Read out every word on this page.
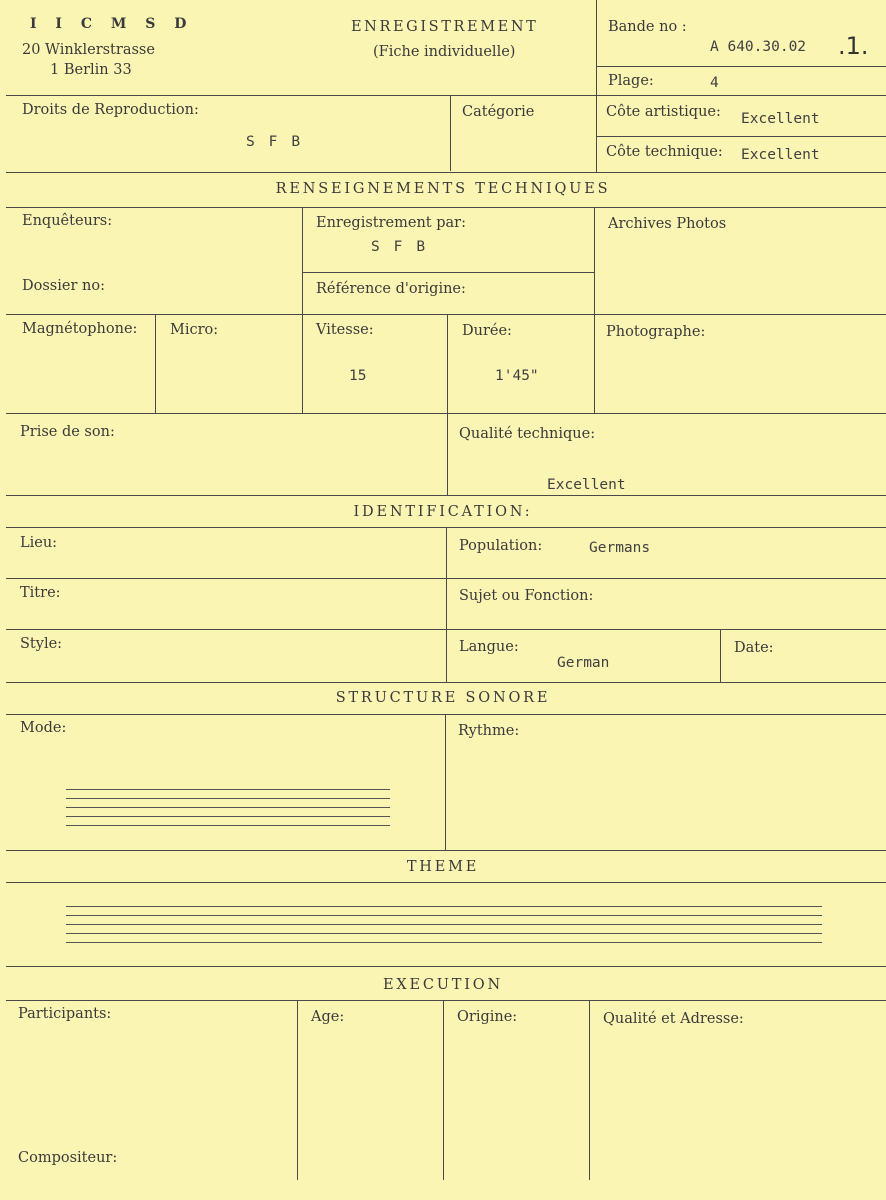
I I C M S D
20 Winklerstrasse
1 Berlin 33
ENREGISTREMENT
(Fiche individuelle)
Bande no :
A 640.30.02 .1.
Plage:	4
Droits de Reproduction:
S F B
Catégorie	Côte artistique: Excellent
Côte technique: Excellent
RENSEIGNEMENTS TECHNIQUES
Enquêteurs:	Enregistrement par:
S F B
Archives Photos
Dossier no:	Référence d'origine:
Magnétophone: Micro:	Vitesse:
15
Durée:
1'45"
Photographe:
Prise de son:	Qualité technique:
Excellent
IDENTIFICATION:
Lieu:	Population:	Germans
Titre:	Sujet ou Fonction:
Style:	Langue:
German
Date:
STRUCTURE SONORE
Mode:	Rythme:
THEME
EXECUTION
Participants:	Age:	Origine:	Qualité et Adresse:
Compositeur:
